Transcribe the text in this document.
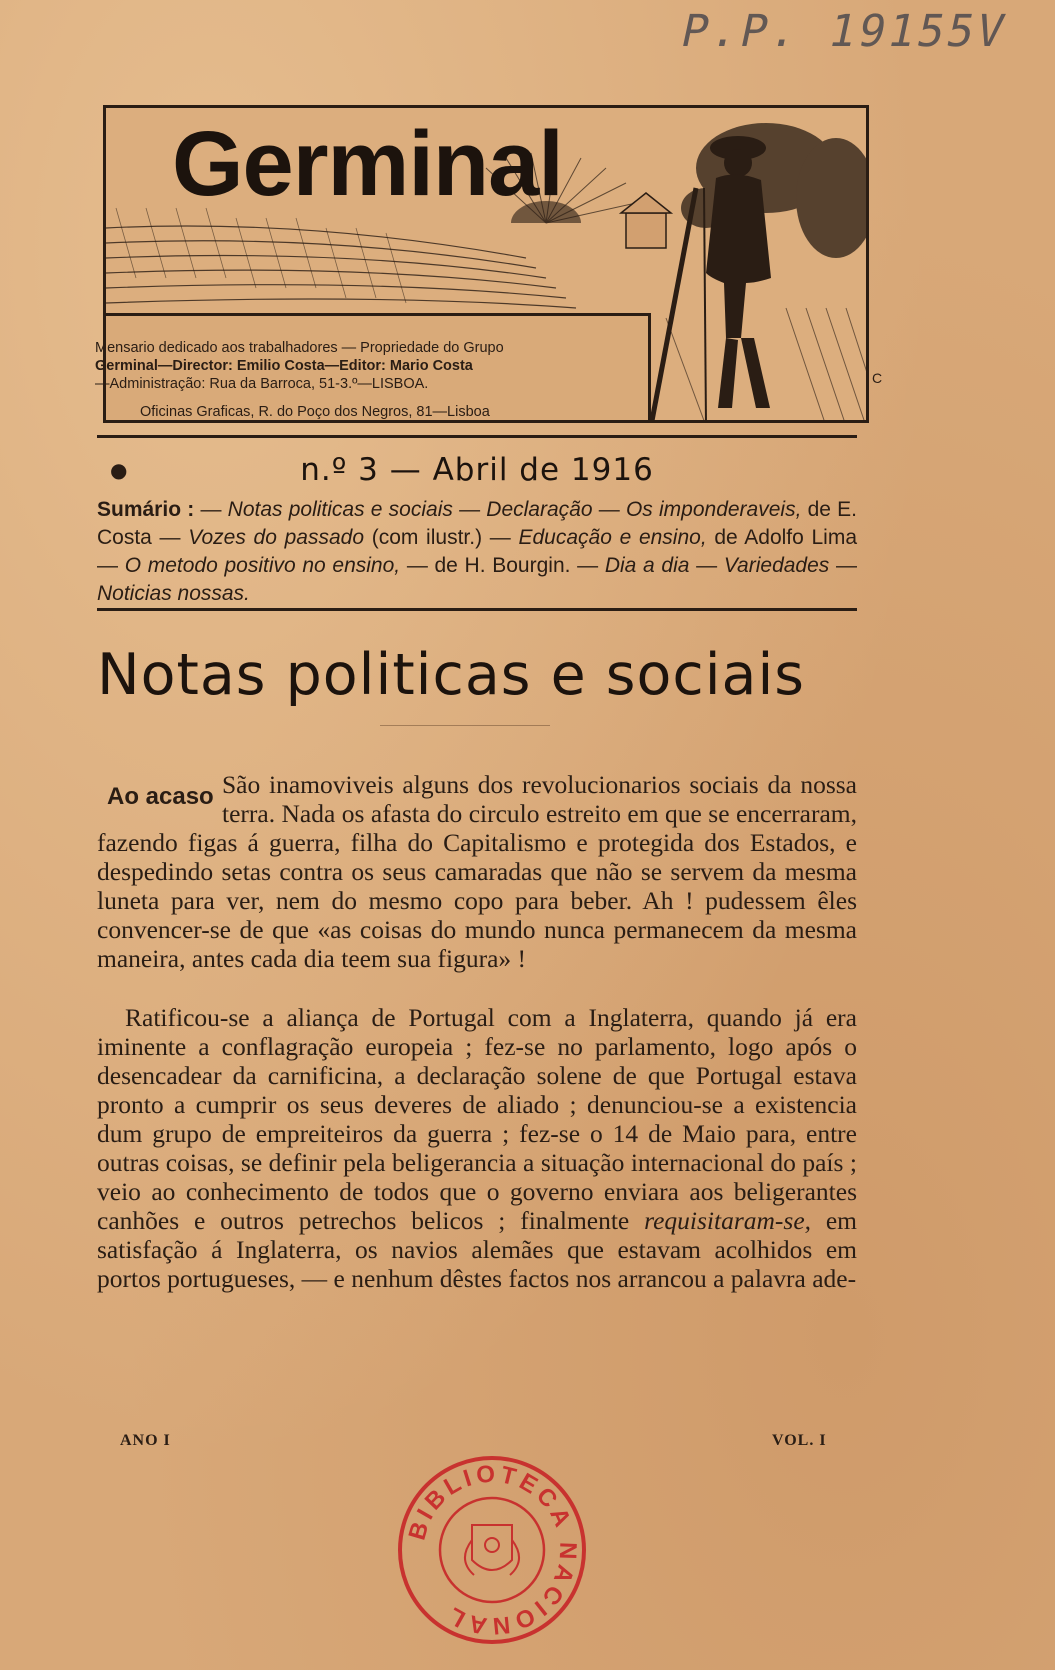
P.P. 19155V
Germinal
Mensario dedicado aos trabalhadores — Propriedade do Grupo
Germinal—Director: Emilio Costa—Editor: Mario Costa
—Administração: Rua da Barroca, 51-3.º—LISBOA.
Oficinas Graficas, R. do Poço dos Negros, 81—Lisboa
C
●	n.º 3 — Abril de 1916
Sumário : — Notas politicas e sociais — Declaração — Os imponderaveis, de E. Costa — Vozes do passado (com ilustr.) — Educação e ensino, de Adolfo Lima — O metodo positivo no ensino, — de H. Bourgin. — Dia a dia — Variedades — Noticias nossas.
Notas politicas e sociais
Ao acaso São inamoviveis alguns dos revolucionarios sociais da nossa terra. Nada os afasta do circulo estreito em que se encerraram, fazendo figas á guerra, filha do Capitalismo e protegida dos Estados, e despedindo setas contra os seus camaradas que não se servem da mesma luneta para ver, nem do mesmo copo para beber. Ah ! pudessem êles convencer-se de que «as coisas do mundo nunca permanecem da mesma maneira, antes cada dia teem sua figura» !

Ratificou-se a aliança de Portugal com a Inglaterra, quando já era iminente a conflagração europeia ; fez-se no parlamento, logo após o desencadear da carnificina, a declaração solene de que Portugal estava pronto a cumprir os seus deveres de aliado ; denunciou-se a existencia dum grupo de empreiteiros da guerra ; fez-se o 14 de Maio para, entre outras coisas, se definir pela beligerancia a situação internacional do país ; veio ao conhecimento de todos que o governo enviara aos beligerantes canhões e outros petrechos belicos ; finalmente requisitaram-se, em satisfação á Inglaterra, os navios alemães que estavam acolhidos em portos portugueses, — e nenhum dêstes factos nos arrancou a palavra ade-

ANO I	VOL. I
BIBLIOTECA NACIONAL
